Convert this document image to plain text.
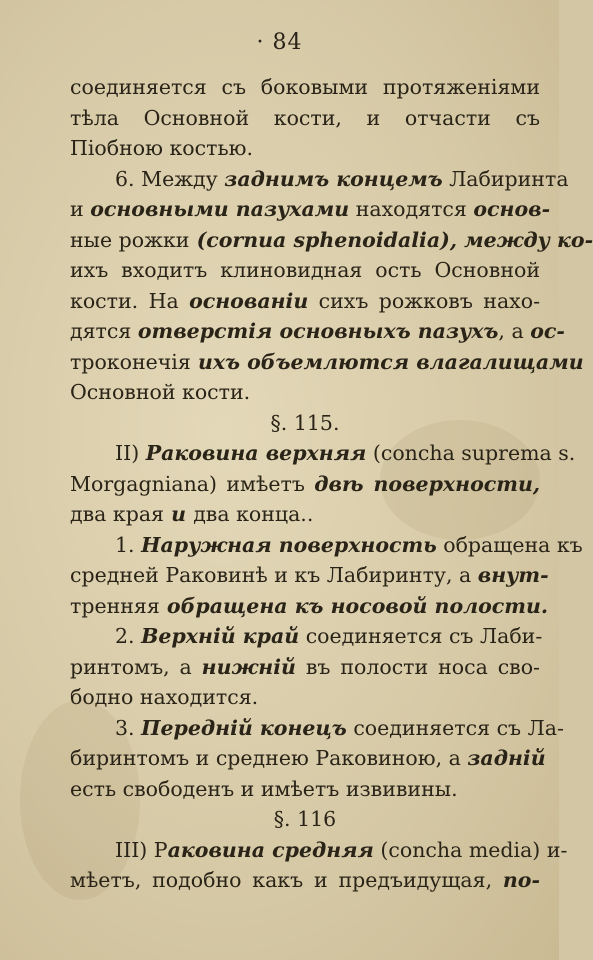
· 84
соединяется съ боковыми протяженіями
тѣла Основной кости, и отчасти съ
Піобною костью.
6. Между заднимъ концемъ Лабиринта
и основными пазухами находятся основ-
ные рожки (cornua sphenoidalia), между ко-
ихъ входитъ клиновидная ость Основной
кости. На основаніи сихъ рожковъ нахо-
дятся отверстія основныхъ пазухъ, а ос-
троконечія ихъ объемлются влагалищами
Основной кости.
§. 115.
II) Раковина верхняя (concha suprema s.
Morgagniana) имѣетъ двѣ поверхности,
два края и два конца..
1. Наружная поверхность обращена къ
средней Раковинѣ и къ Лабиринту, а внут-
тренняя обращена къ носовой полости.
2. Верхній край соединяется съ Лаби-
ринтомъ, а нижній въ полости носа сво-
бодно находится.
3. Передній конецъ соединяется съ Ла-
биринтомъ и среднею Раковиною, а задній
есть свободенъ и имѣетъ извивины.
§. 116
III) Раковина средняя (concha media) и-
мѣетъ, подобно какъ и предъидущая, по-
